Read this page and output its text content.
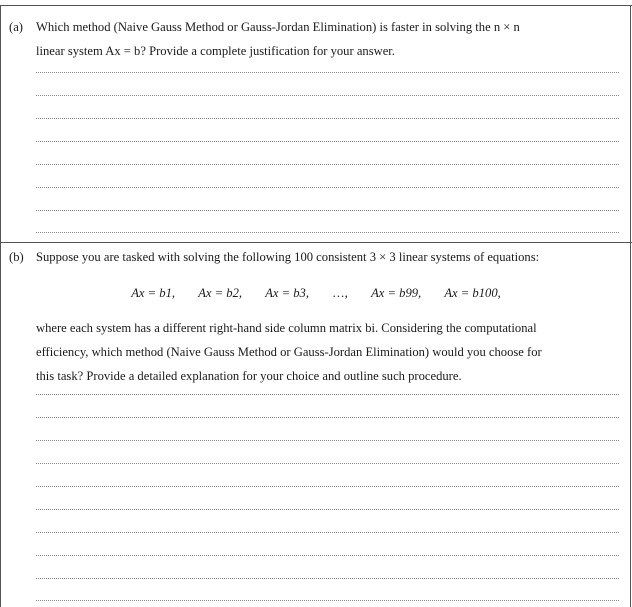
(a) Which method (Naive Gauss Method or Gauss-Jordan Elimination) is faster in solving the n × n
linear system Ax = b? Provide a complete justification for your answer.
(b) Suppose you are tasked with solving the following 100 consistent 3 × 3 linear systems of equations:
Ax = b1, Ax = b2, Ax = b3, …, Ax = b99, Ax = b100,
where each system has a different right-hand side column matrix bi. Considering the computational
efficiency, which method (Naive Gauss Method or Gauss-Jordan Elimination) would you choose for
this task? Provide a detailed explanation for your choice and outline such procedure.
